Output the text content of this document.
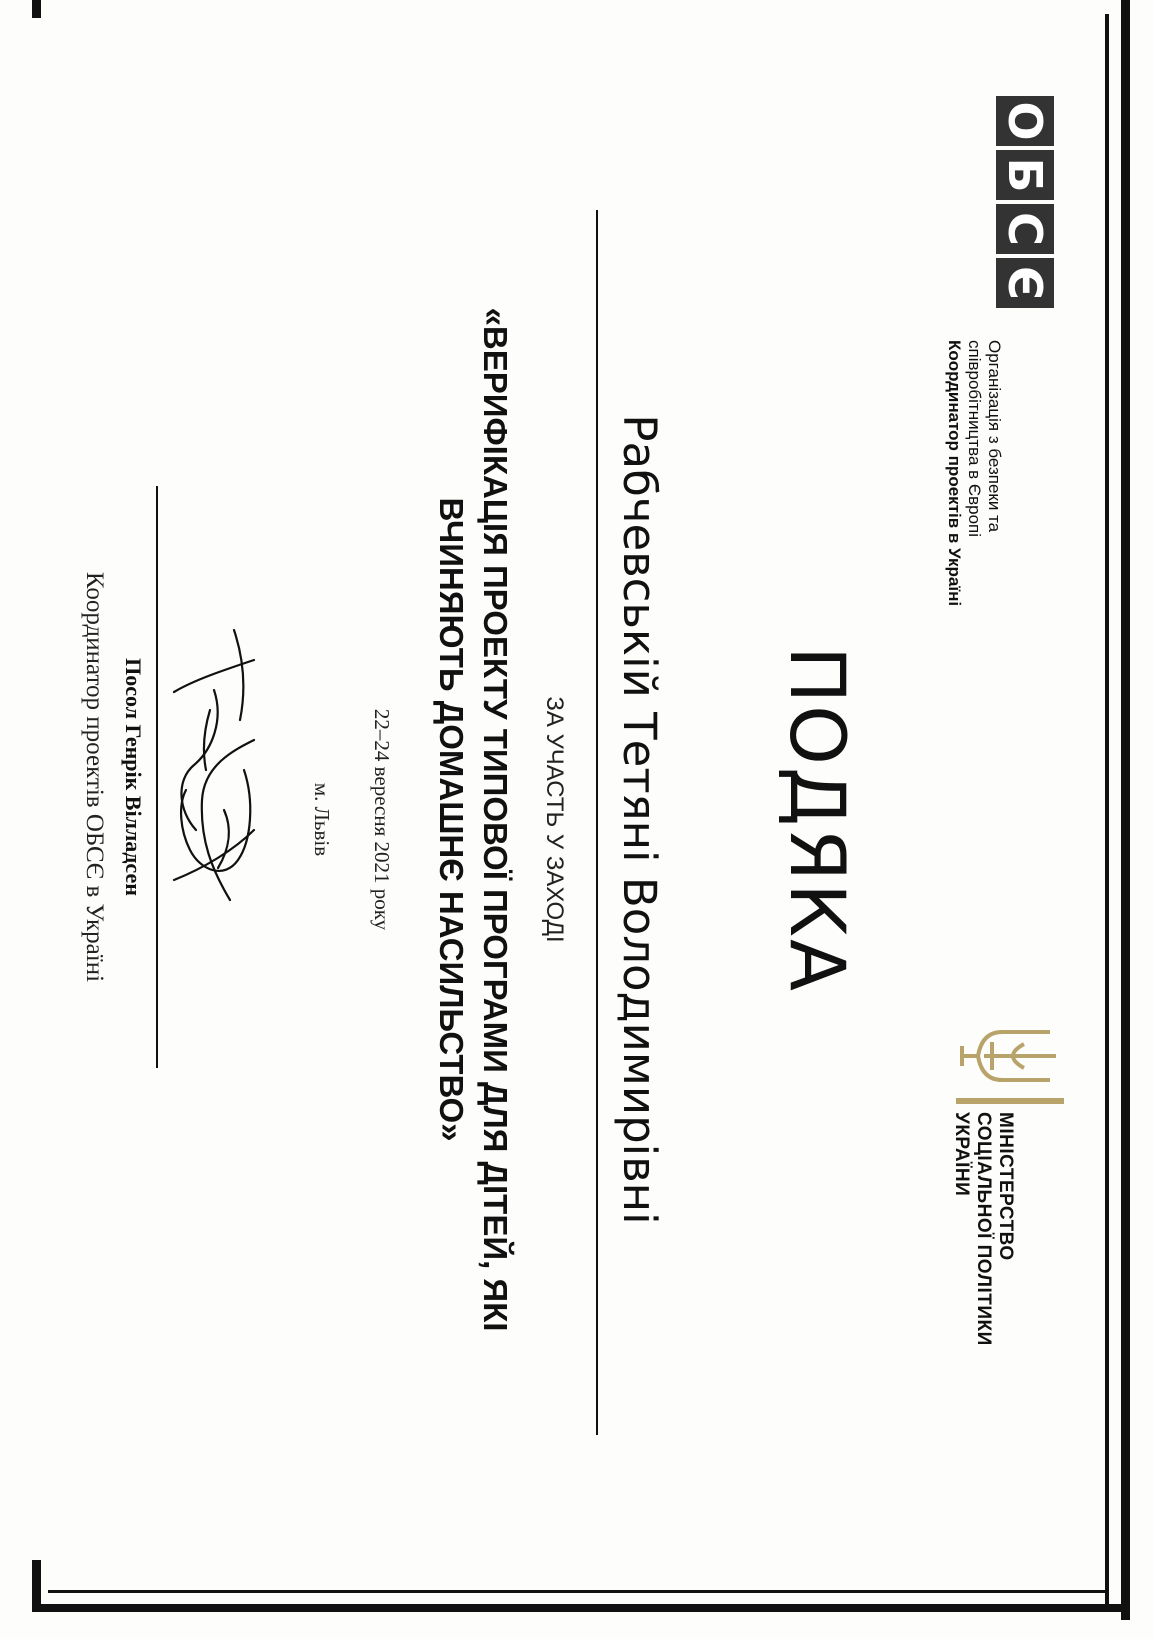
О
Б
С
Є
Організація з безпеки та
співробітництва в Європі
Координатор проектів в Україні
МІНІСТЕРСТВО
СОЦІАЛЬНОЇ ПОЛІТИКИ
УКРАЇНИ
ПОДЯКА
Рабчевській Тетяні Володимирівні
ЗА УЧАСТЬ У ЗАХОДІ
«ВЕРИФІКАЦІЯ ПРОЕКТУ ТИПОВОЇ ПРОГРАМИ ДЛЯ ДІТЕЙ, ЯКІ
ВЧИНЯЮТЬ ДОМАШНЄ НАСИЛЬСТВО»
22–24 вересня 2021 року
м. Львів
Посол Генрік Вілладсен
Координатор проектів ОБСЄ в Україні
